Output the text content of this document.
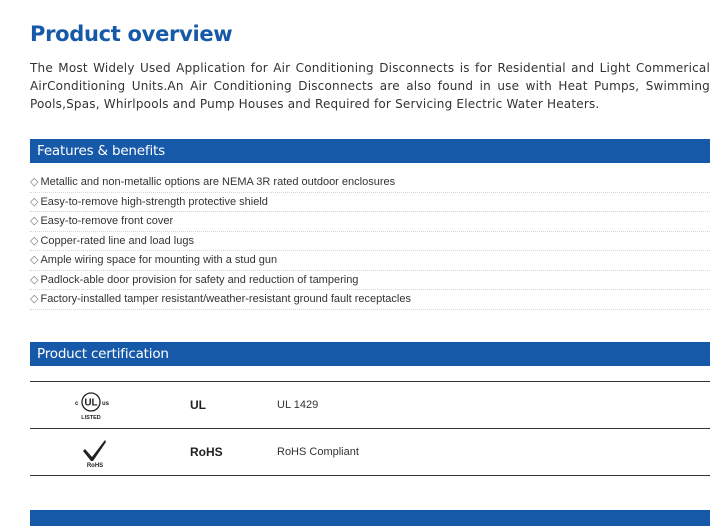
Product overview

The Most Widely Used Application for Air Conditioning Disconnects is for Residential and Light Commerical AirConditioning Units.An Air Conditioning Disconnects are also found in use with Heat Pumps, Swimming Pools,Spas, Whirlpools and Pump Houses and Required for Servicing Electric Water Heaters.

Features & benefits
◇ Metallic and non-metallic options are NEMA 3R rated outdoor enclosures
◇ Easy-to-remove high-strength protective shield
◇ Easy-to-remove front cover
◇ Copper-rated line and load lugs
◇ Ample wiring space for mounting with a stud gun
◇ Padlock-able door provision for safety and reduction of tampering
◇ Factory-installed tamper resistant/weather-resistant ground fault receptacles
Product certification
c UL us
LISTED
UL	UL 1429
RoHS
RoHS	RoHS Compliant
